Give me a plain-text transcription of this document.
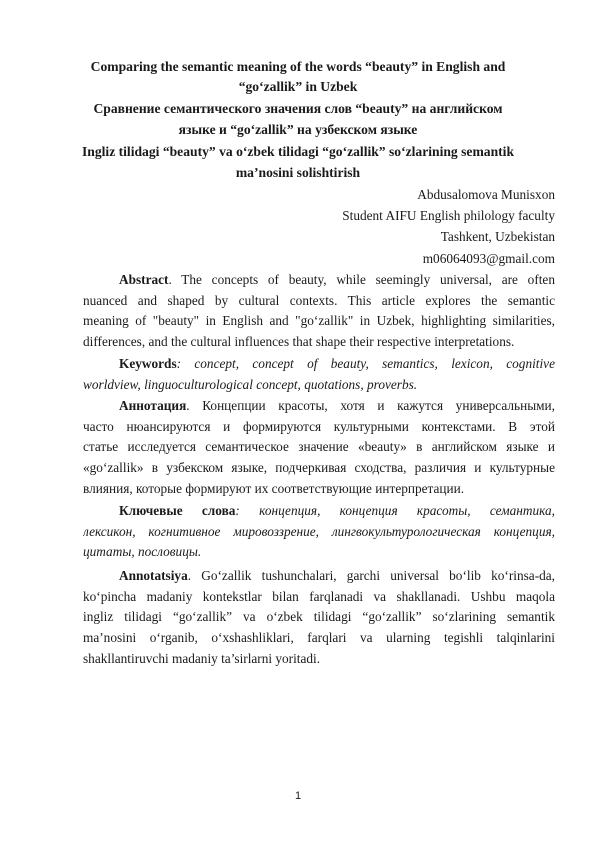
Comparing the semantic meaning of the words “beauty” in English and
“go‘zallik” in Uzbek
Сравнение семантического значения слов “beauty” на английском
языке и “go‘zallik” на узбекском языке
Ingliz tilidagi “beauty” va o‘zbek tilidagi “go‘zallik” so‘zlarining semantik
ma’nosini solishtirish
Abdusalomova Munisxon
Student AIFU English philology faculty
Tashkent, Uzbekistan
m06064093@gmail.com
Abstract. The concepts of beauty, while seemingly universal, are often
nuanced and shaped by cultural contexts. This article explores the semantic
meaning of "beauty" in English and "go‘zallik" in Uzbek, highlighting similarities,
differences, and the cultural influences that shape their respective interpretations.
Keywords: concept, concept of beauty, semantics, lexicon, cognitive
worldview, linguoculturological concept, quotations, proverbs.
Аннотация. Концепции красоты, хотя и кажутся универсальными,
часто нюансируются и формируются культурными контекстами. В этой
статье исследуется семантическое значение «beauty» в английском языке и
«go‘zallik» в узбекском языке, подчеркивая сходства, различия и культурные
влияния, которые формируют их соответствующие интерпретации.
Ключевые слова: концепция, концепция красоты, семантика,
лексикон, когнитивное мировоззрение, лингвокультурологическая концепция,
цитаты, пословицы.
Annotatsiya. Go‘zallik tushunchalari, garchi universal bo‘lib ko‘rinsa-da,
ko‘pincha madaniy kontekstlar bilan farqlanadi va shakllanadi. Ushbu maqola
ingliz tilidagi “go‘zallik” va o‘zbek tilidagi “go‘zallik” so‘zlarining semantik
ma’nosini o‘rganib, o‘xshashliklari, farqlari va ularning tegishli talqinlarini
shakllantiruvchi madaniy ta’sirlarni yoritadi.
1
